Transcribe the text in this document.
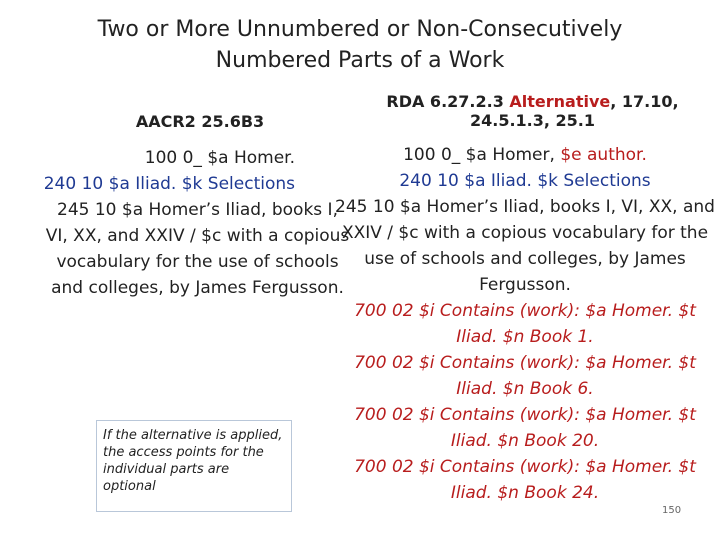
Two or More Unnumbered or Non-Consecutively
Numbered Parts of a Work
AACR2 25.6B3
RDA 6.27.2.3 Alternative, 17.10, 24.5.1.3, 25.1

100 0_ $a Homer.

240 10 $a Iliad. $k Selections

245 10 $a Homer’s Iliad, books I, VI, XX, and XXIV / $c with a copious vocabulary for the use of schools and colleges, by James Fergusson.

100 0_ $a Homer, $e author.

240 10 $a Iliad. $k Selections

245 10 $a Homer’s Iliad, books I, VI, XX, and XXIV / $c with a copious vocabulary for the use of schools and colleges, by James Fergusson.

700 02 $i Contains (work): $a Homer. $t Iliad. $n Book 1.

700 02 $i Contains (work): $a Homer. $t Iliad. $n Book 6.

700 02 $i Contains (work): $a Homer. $t Iliad. $n Book 20.

700 02 $i Contains (work): $a Homer. $t Iliad. $n Book 24.

If the alternative is applied, the access points for the individual parts are optional
150
